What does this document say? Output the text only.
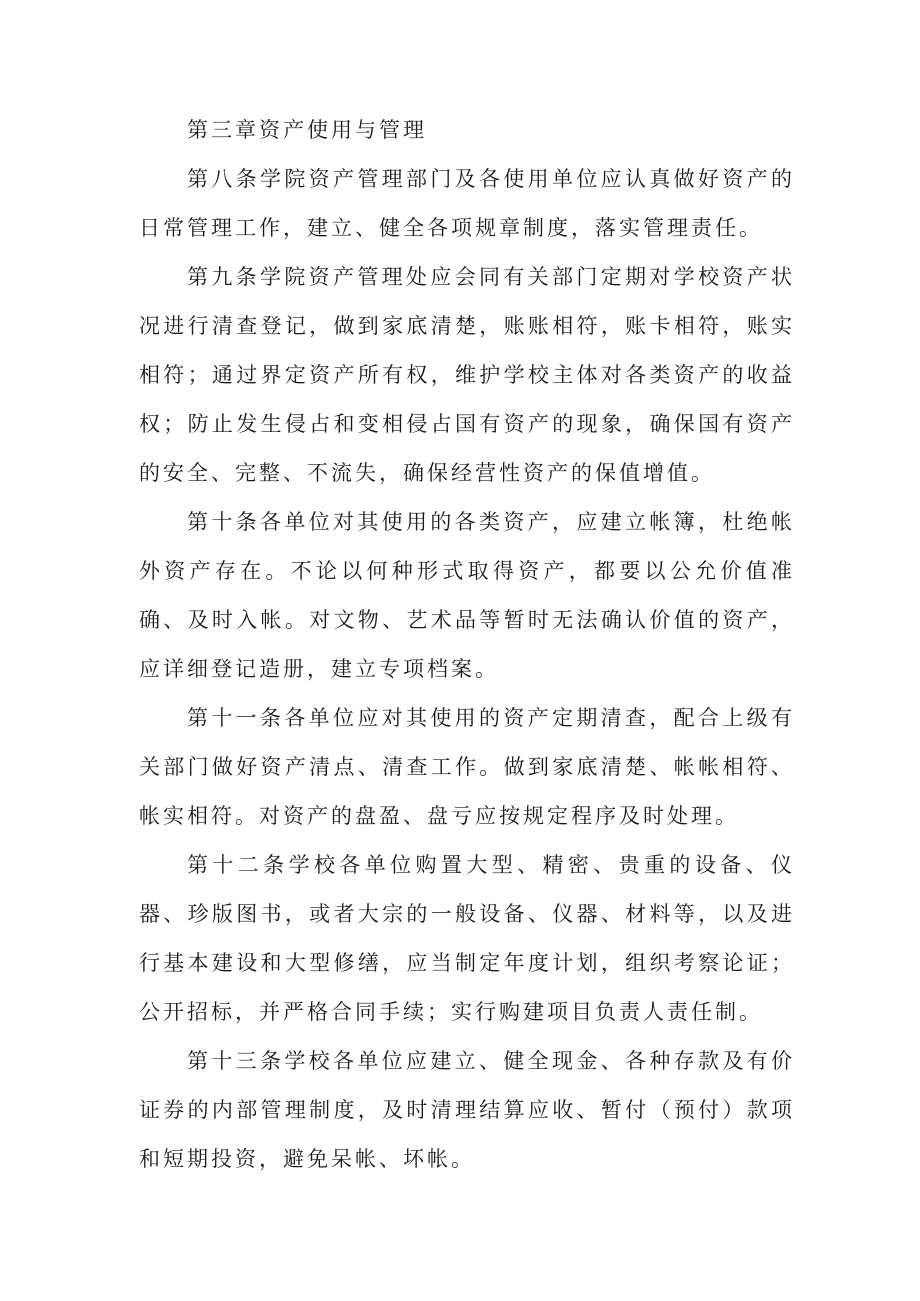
第三章资产使用与管理

第八条学院资产管理部门及各使用单位应认真做好资产的日常管理工作，建立、健全各项规章制度，落实管理责任。

第九条学院资产管理处应会同有关部门定期对学校资产状况进行清查登记，做到家底清楚，账账相符，账卡相符，账实相符；通过界定资产所有权，维护学校主体对各类资产的收益权；防止发生侵占和变相侵占国有资产的现象，确保国有资产的安全、完整、不流失，确保经营性资产的保值增值。

第十条各单位对其使用的各类资产，应建立帐簿，杜绝帐外资产存在。不论以何种形式取得资产，都要以公允价值准确、及时入帐。对文物、艺术品等暂时无法确认价值的资产，应详细登记造册，建立专项档案。

第十一条各单位应对其使用的资产定期清查，配合上级有关部门做好资产清点、清查工作。做到家底清楚、帐帐相符、帐实相符。对资产的盘盈、盘亏应按规定程序及时处理。

第十二条学校各单位购置大型、精密、贵重的设备、仪器、珍版图书，或者大宗的一般设备、仪器、材料等，以及进行基本建设和大型修缮，应当制定年度计划，组织考察论证；公开招标，并严格合同手续；实行购建项目负责人责任制。

第十三条学校各单位应建立、健全现金、各种存款及有价证券的内部管理制度，及时清理结算应收、暂付（预付）款项和短期投资，避免呆帐、坏帐。
